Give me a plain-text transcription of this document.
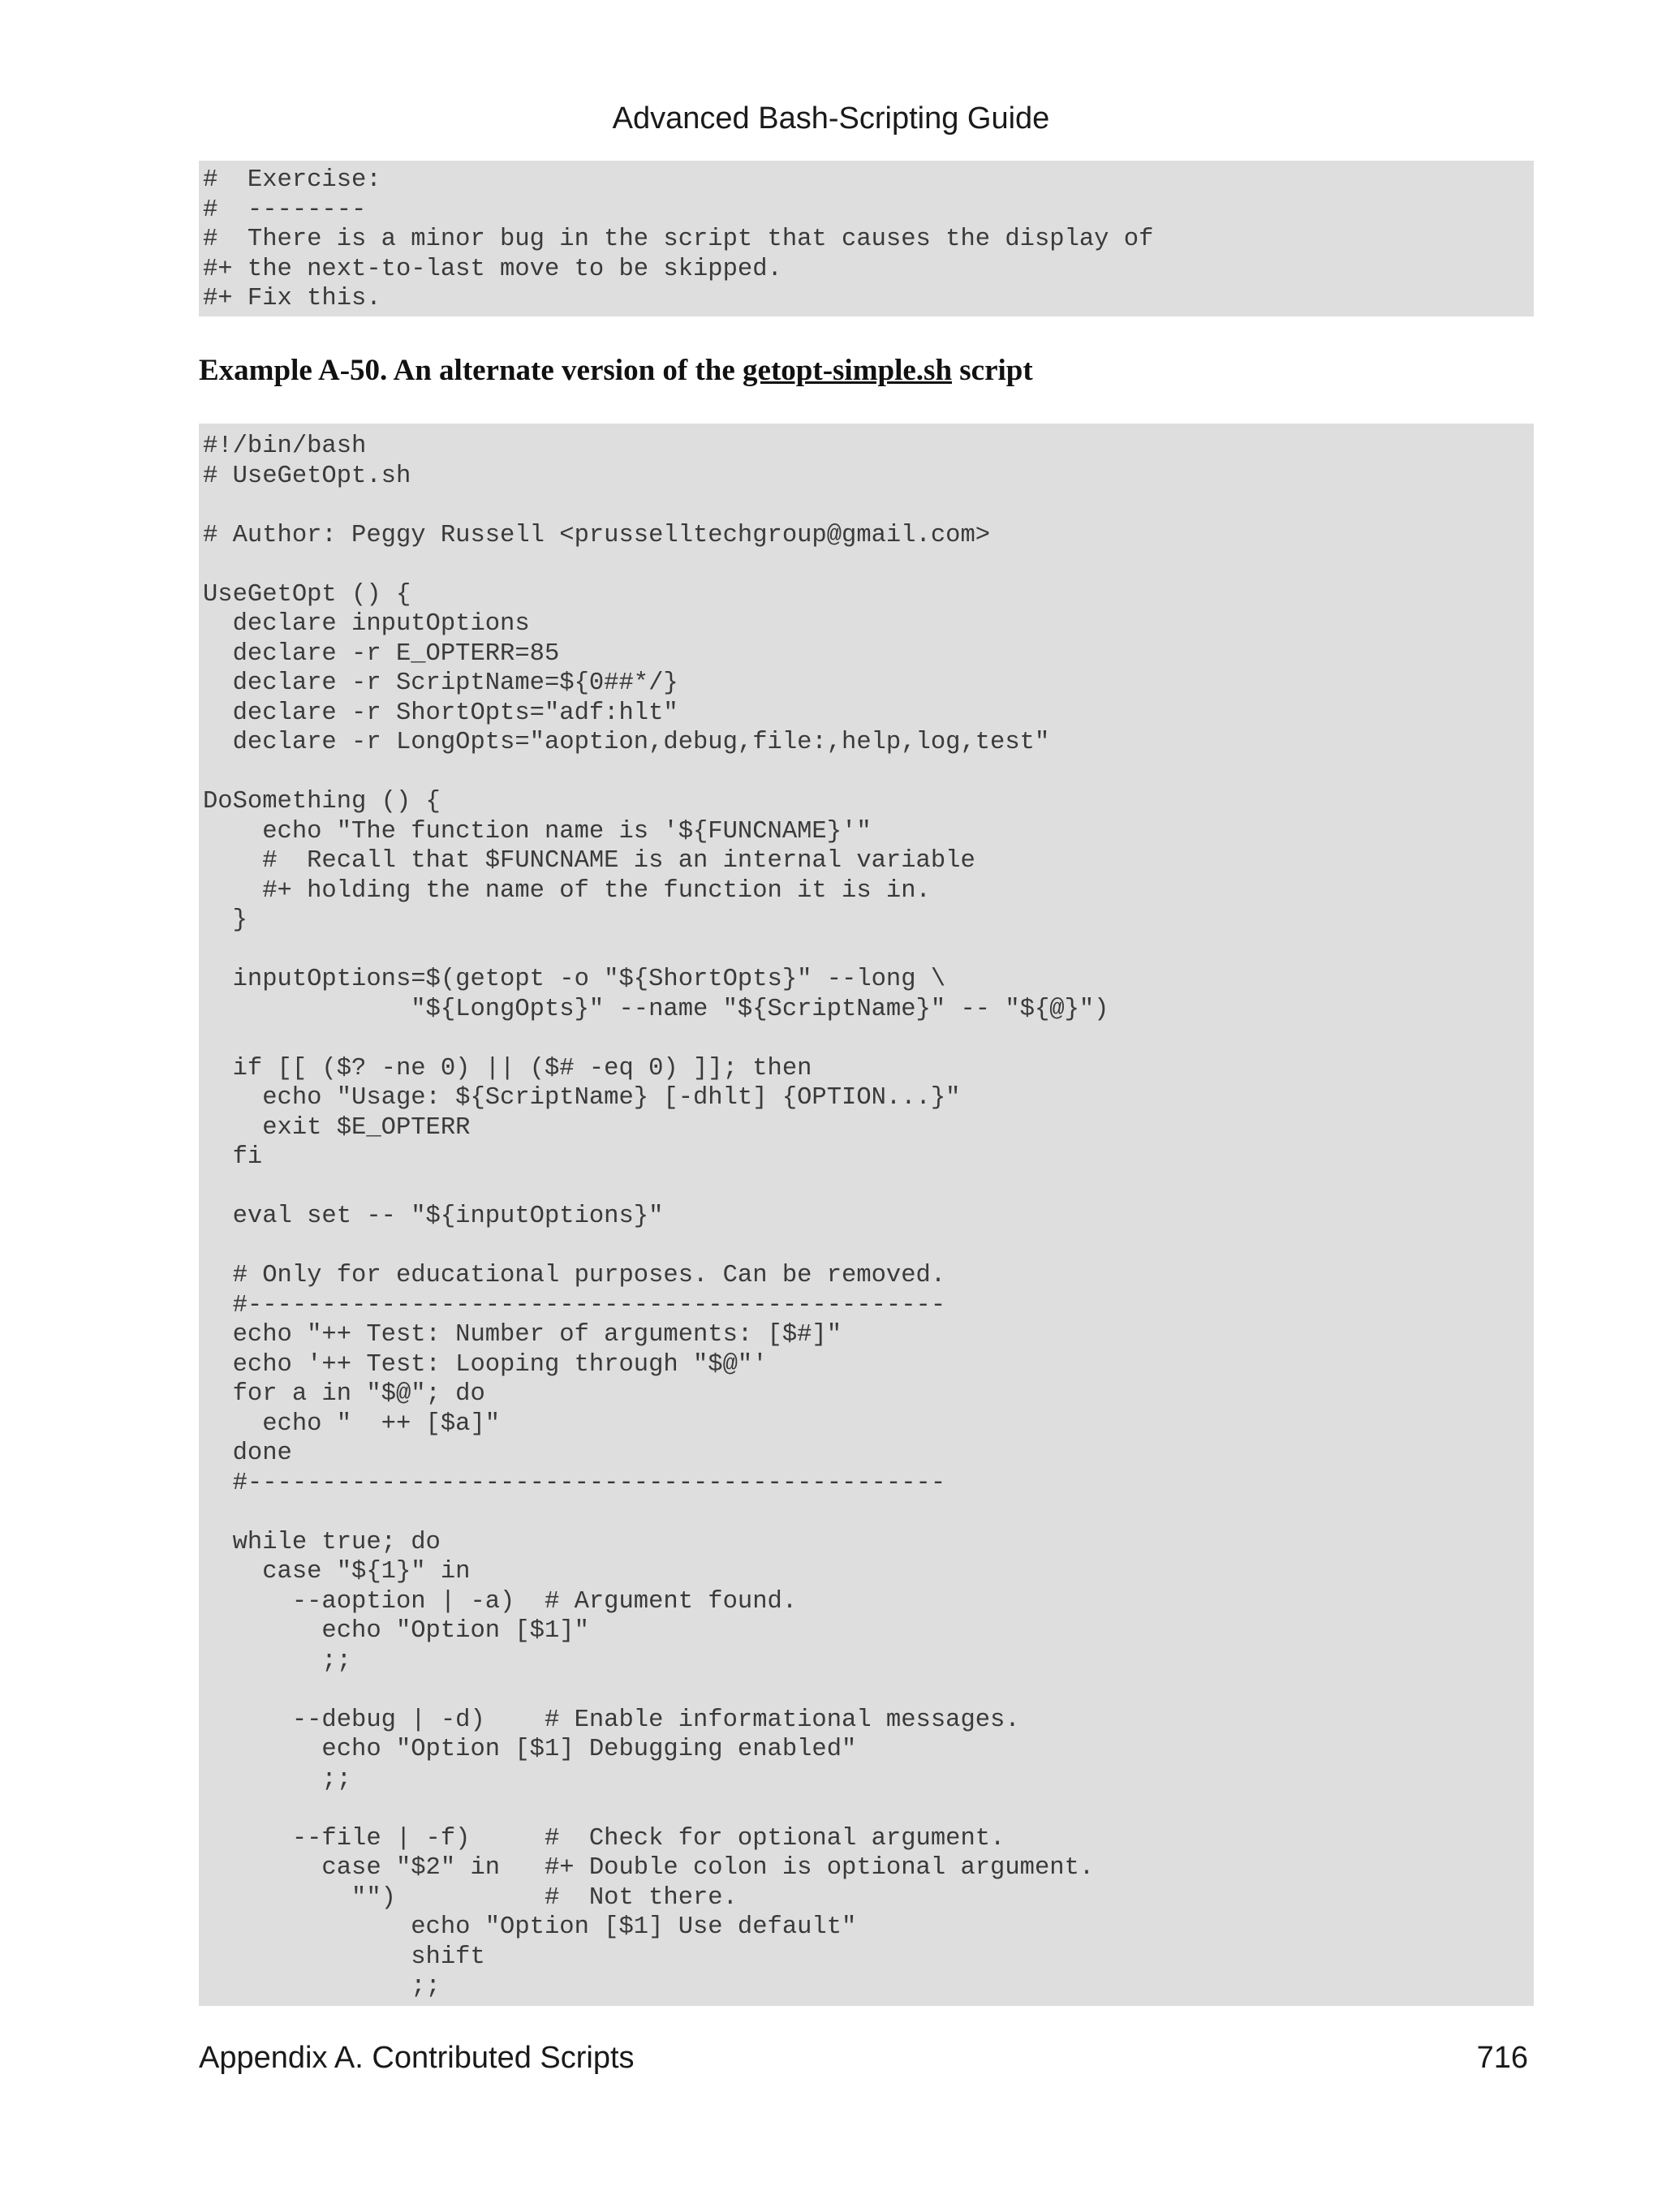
Advanced Bash-Scripting Guide
#  Exercise:
#  --------
#  There is a minor bug in the script that causes the display of
#+ the next-to-last move to be skipped.
#+ Fix this.
Example A-50. An alternate version of the getopt-simple.sh script
#!/bin/bash
# UseGetOpt.sh

# Author: Peggy Russell <prusselltechgroup@gmail.com>

UseGetOpt () {
declare inputOptions
declare -r E_OPTERR=85
declare -r ScriptName=${0##*/}
declare -r ShortOpts="adf:hlt"
declare -r LongOpts="aoption,debug,file:,help,log,test"

DoSomething () {
echo "The function name is '${FUNCNAME}'"
#  Recall that $FUNCNAME is an internal variable
#+ holding the name of the function it is in.
}

inputOptions=$(getopt -o "${ShortOpts}" --long \
"${LongOpts}" --name "${ScriptName}" -- "${@}")

if [[ ($? -ne 0) || ($# -eq 0) ]]; then
echo "Usage: ${ScriptName} [-dhlt] {OPTION...}"
exit $E_OPTERR
fi

eval set -- "${inputOptions}"

# Only for educational purposes. Can be removed.
#-----------------------------------------------
echo "++ Test: Number of arguments: [$#]"
echo '++ Test: Looping through "$@"'
for a in "$@"; do
echo "  ++ [$a]"
done
#-----------------------------------------------

while true; do
case "${1}" in
--aoption | -a)  # Argument found.
echo "Option [$1]"
;;

--debug | -d)    # Enable informational messages.
echo "Option [$1] Debugging enabled"
;;

--file | -f)     #  Check for optional argument.
case "$2" in   #+ Double colon is optional argument.
"")          #  Not there.
echo "Option [$1] Use default"
shift
;;
Appendix A. Contributed Scripts	716
